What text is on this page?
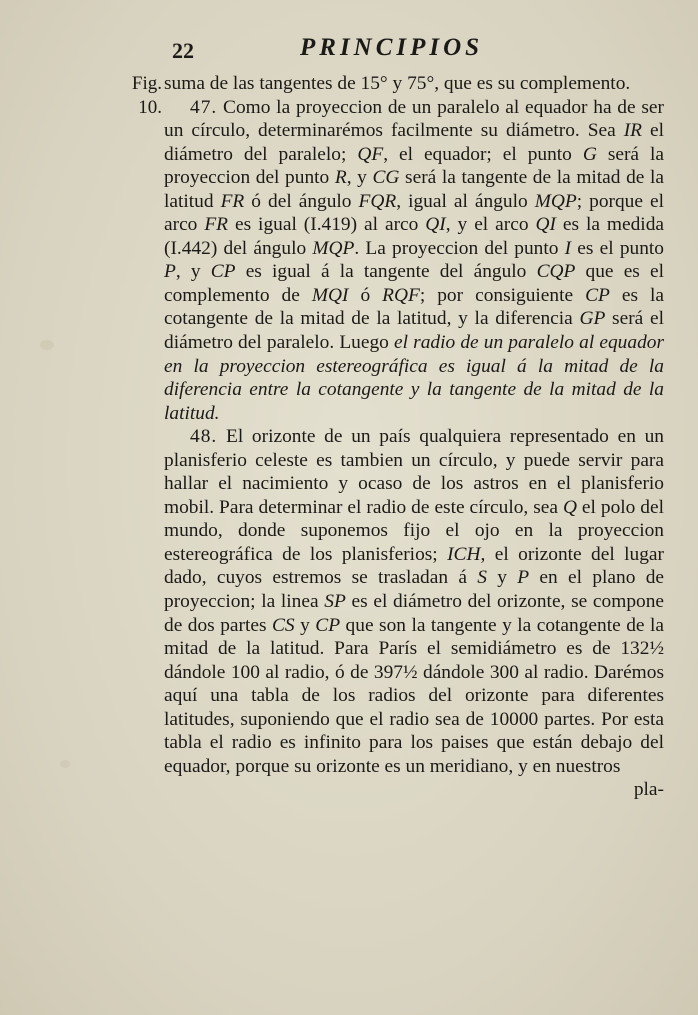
22	PRINCIPIOS
Fig.
10.

suma de las tangentes de 15° y 75°, que es su complemento.

47. Como la proyeccion de un paralelo al equador ha de ser un círculo, determinarémos facilmente su diámetro. Sea IR el diámetro del paralelo; QF, el equador; el punto G será la proyeccion del punto R, y CG será la tangente de la mitad de la latitud FR ó del ángulo FQR, igual al ángulo MQP; porque el arco FR es igual (I.419) al arco QI, y el arco QI es la medida (I.442) del ángulo MQP. La proyeccion del punto I es el punto P, y CP es igual á la tangente del ángulo CQP que es el complemento de MQI ó RQF; por consiguiente CP es la cotangente de la mitad de la latitud, y la diferencia GP será el diámetro del paralelo. Luego el radio de un paralelo al equador en la proyeccion estereográfica es igual á la mitad de la diferencia entre la cotangente y la tangente de la mitad de la latitud.

48. El orizonte de un país qualquiera representado en un planisferio celeste es tambien un círculo, y puede servir para hallar el nacimiento y ocaso de los astros en el planisferio mobil. Para determinar el radio de este círculo, sea Q el polo del mundo, donde suponemos fijo el ojo en la proyeccion estereográfica de los planisferios; ICH, el orizonte del lugar dado, cuyos estremos se trasladan á S y P en el plano de proyeccion; la linea SP es el diámetro del orizonte, se compone de dos partes CS y CP que son la tangente y la cotangente de la mitad de la latitud. Para París el semidiámetro es de 132½ dándole 100 al radio, ó de 397½ dándole 300 al radio. Darémos aquí una tabla de los radios del orizonte para diferentes latitudes, suponiendo que el radio sea de 10000 partes. Por esta tabla el radio es infinito para los paises que están debajo del equador, porque su orizonte es un meridiano, y en nuestros
pla-
